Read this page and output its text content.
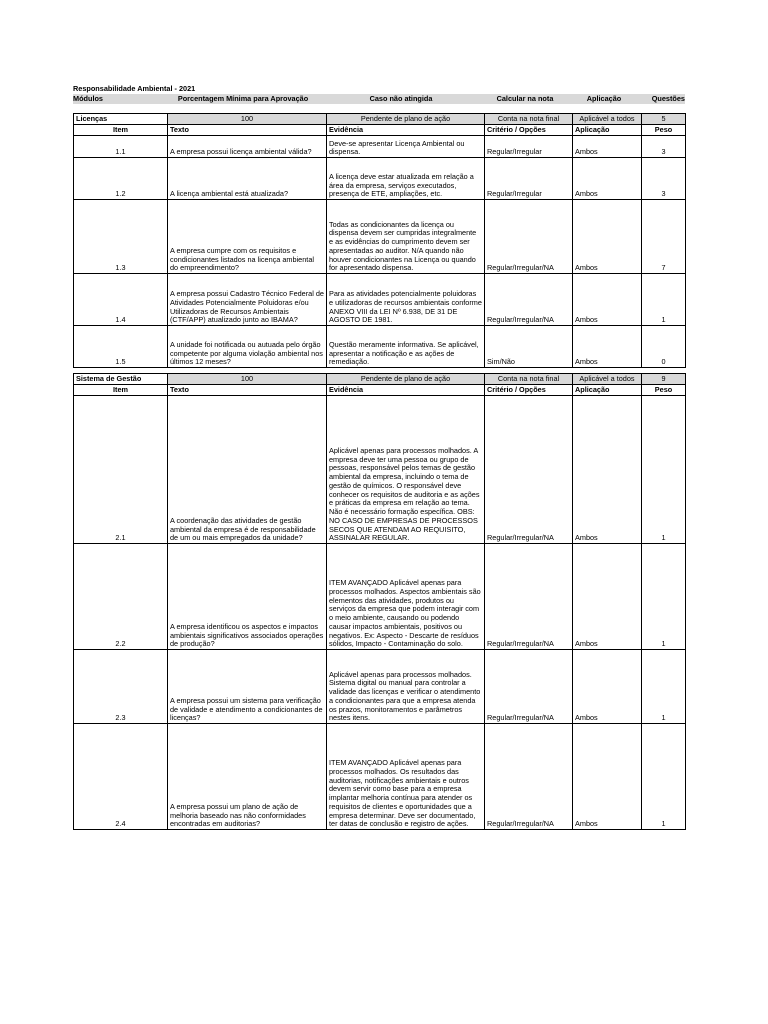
Responsabilidade Ambiental - 2021
Módulos	Porcentagem Mínima para Aprovação	Caso não atingida	Calcular na nota	Aplicação	Questões
Licenças	100	Pendente de plano de ação	Conta na nota final	Aplicável a todos	5
Item	Texto	Evidência	Critério / Opções	Aplicação	Peso
1.1	A empresa possui licença ambiental válida?	Deve-se apresentar Licença Ambiental ou dispensa.	Regular/Irregular	Ambos	3
1.2	A licença ambiental está atualizada?	A licença deve estar atualizada em relação a área da empresa, serviços executados, presença de ETE, ampliações, etc.	Regular/Irregular	Ambos	3
1.3	A empresa cumpre com os requisitos e condicionantes listados na licença ambiental do empreendimento?	Todas as condicionantes da licença ou dispensa devem ser cumpridas integralmente e as evidências do cumprimento devem ser apresentadas ao auditor. N/A quando não houver condicionantes na Licença ou quando for apresentado dispensa.	Regular/Irregular/NA	Ambos	7
1.4	A empresa possui Cadastro Técnico Federal de Atividades Potencialmente Poluidoras e/ou Utilizadoras de Recursos Ambientais (CTF/APP) atualizado junto ao IBAMA?	Para as atividades potencialmente poluidoras e utilizadoras de recursos ambientais conforme ANEXO VIII da LEI Nº 6.938, DE 31 DE AGOSTO DE 1981.	Regular/Irregular/NA	Ambos	1
1.5	A unidade foi notificada ou autuada pelo órgão competente por alguma violação ambiental nos últimos 12 meses?	Questão meramente informativa. Se aplicável, apresentar a notificação e as ações de remediação.	Sim/Não	Ambos	0
Sistema de Gestão	100	Pendente de plano de ação	Conta na nota final	Aplicável a todos	9
Item	Texto	Evidência	Critério / Opções	Aplicação	Peso
2.1	A coordenação das atividades de gestão ambiental da empresa é de responsabilidade de um ou mais empregados da unidade?	Aplicável apenas para processos molhados. A empresa deve ter uma pessoa ou grupo de pessoas, responsável pelos temas de gestão ambiental da empresa, incluindo o tema de gestão de químicos. O responsável deve conhecer os requisitos de auditoria e as ações e práticas da empresa em relação ao tema. Não é necessário formação específica. OBS: NO CASO DE EMPRESAS DE PROCESSOS SECOS QUE ATENDAM AO REQUISITO, ASSINALAR REGULAR.	Regular/Irregular/NA	Ambos	1
2.2	A empresa identificou os aspectos e impactos ambientais significativos associados operações de produção?	ITEM AVANÇADO Aplicável apenas para processos molhados. Aspectos ambientais são elementos das atividades, produtos ou serviços da empresa que podem interagir com o meio ambiente, causando ou podendo causar impactos ambientais, positivos ou negativos. Ex: Aspecto - Descarte de resíduos sólidos, Impacto - Contaminação do solo.	Regular/Irregular/NA	Ambos	1
2.3	A empresa possui um sistema para verificação de validade e atendimento a condicionantes de licenças?	Aplicável apenas para processos molhados. Sistema digital ou manual para controlar a validade das licenças e verificar o atendimento a condicionantes para que a empresa atenda os prazos, monitoramentos e parâmetros nestes itens.	Regular/Irregular/NA	Ambos	1
2.4	A empresa possui um plano de ação de melhoria baseado nas não conformidades encontradas em auditorias?	ITEM AVANÇADO Aplicável apenas para processos molhados. Os resultados das auditorias, notificações ambientais e outros devem servir como base para a empresa implantar melhoria contínua para atender os requisitos de clientes e oportunidades que a empresa determinar. Deve ser documentado, ter datas de conclusão e registro de ações.	Regular/Irregular/NA	Ambos	1
